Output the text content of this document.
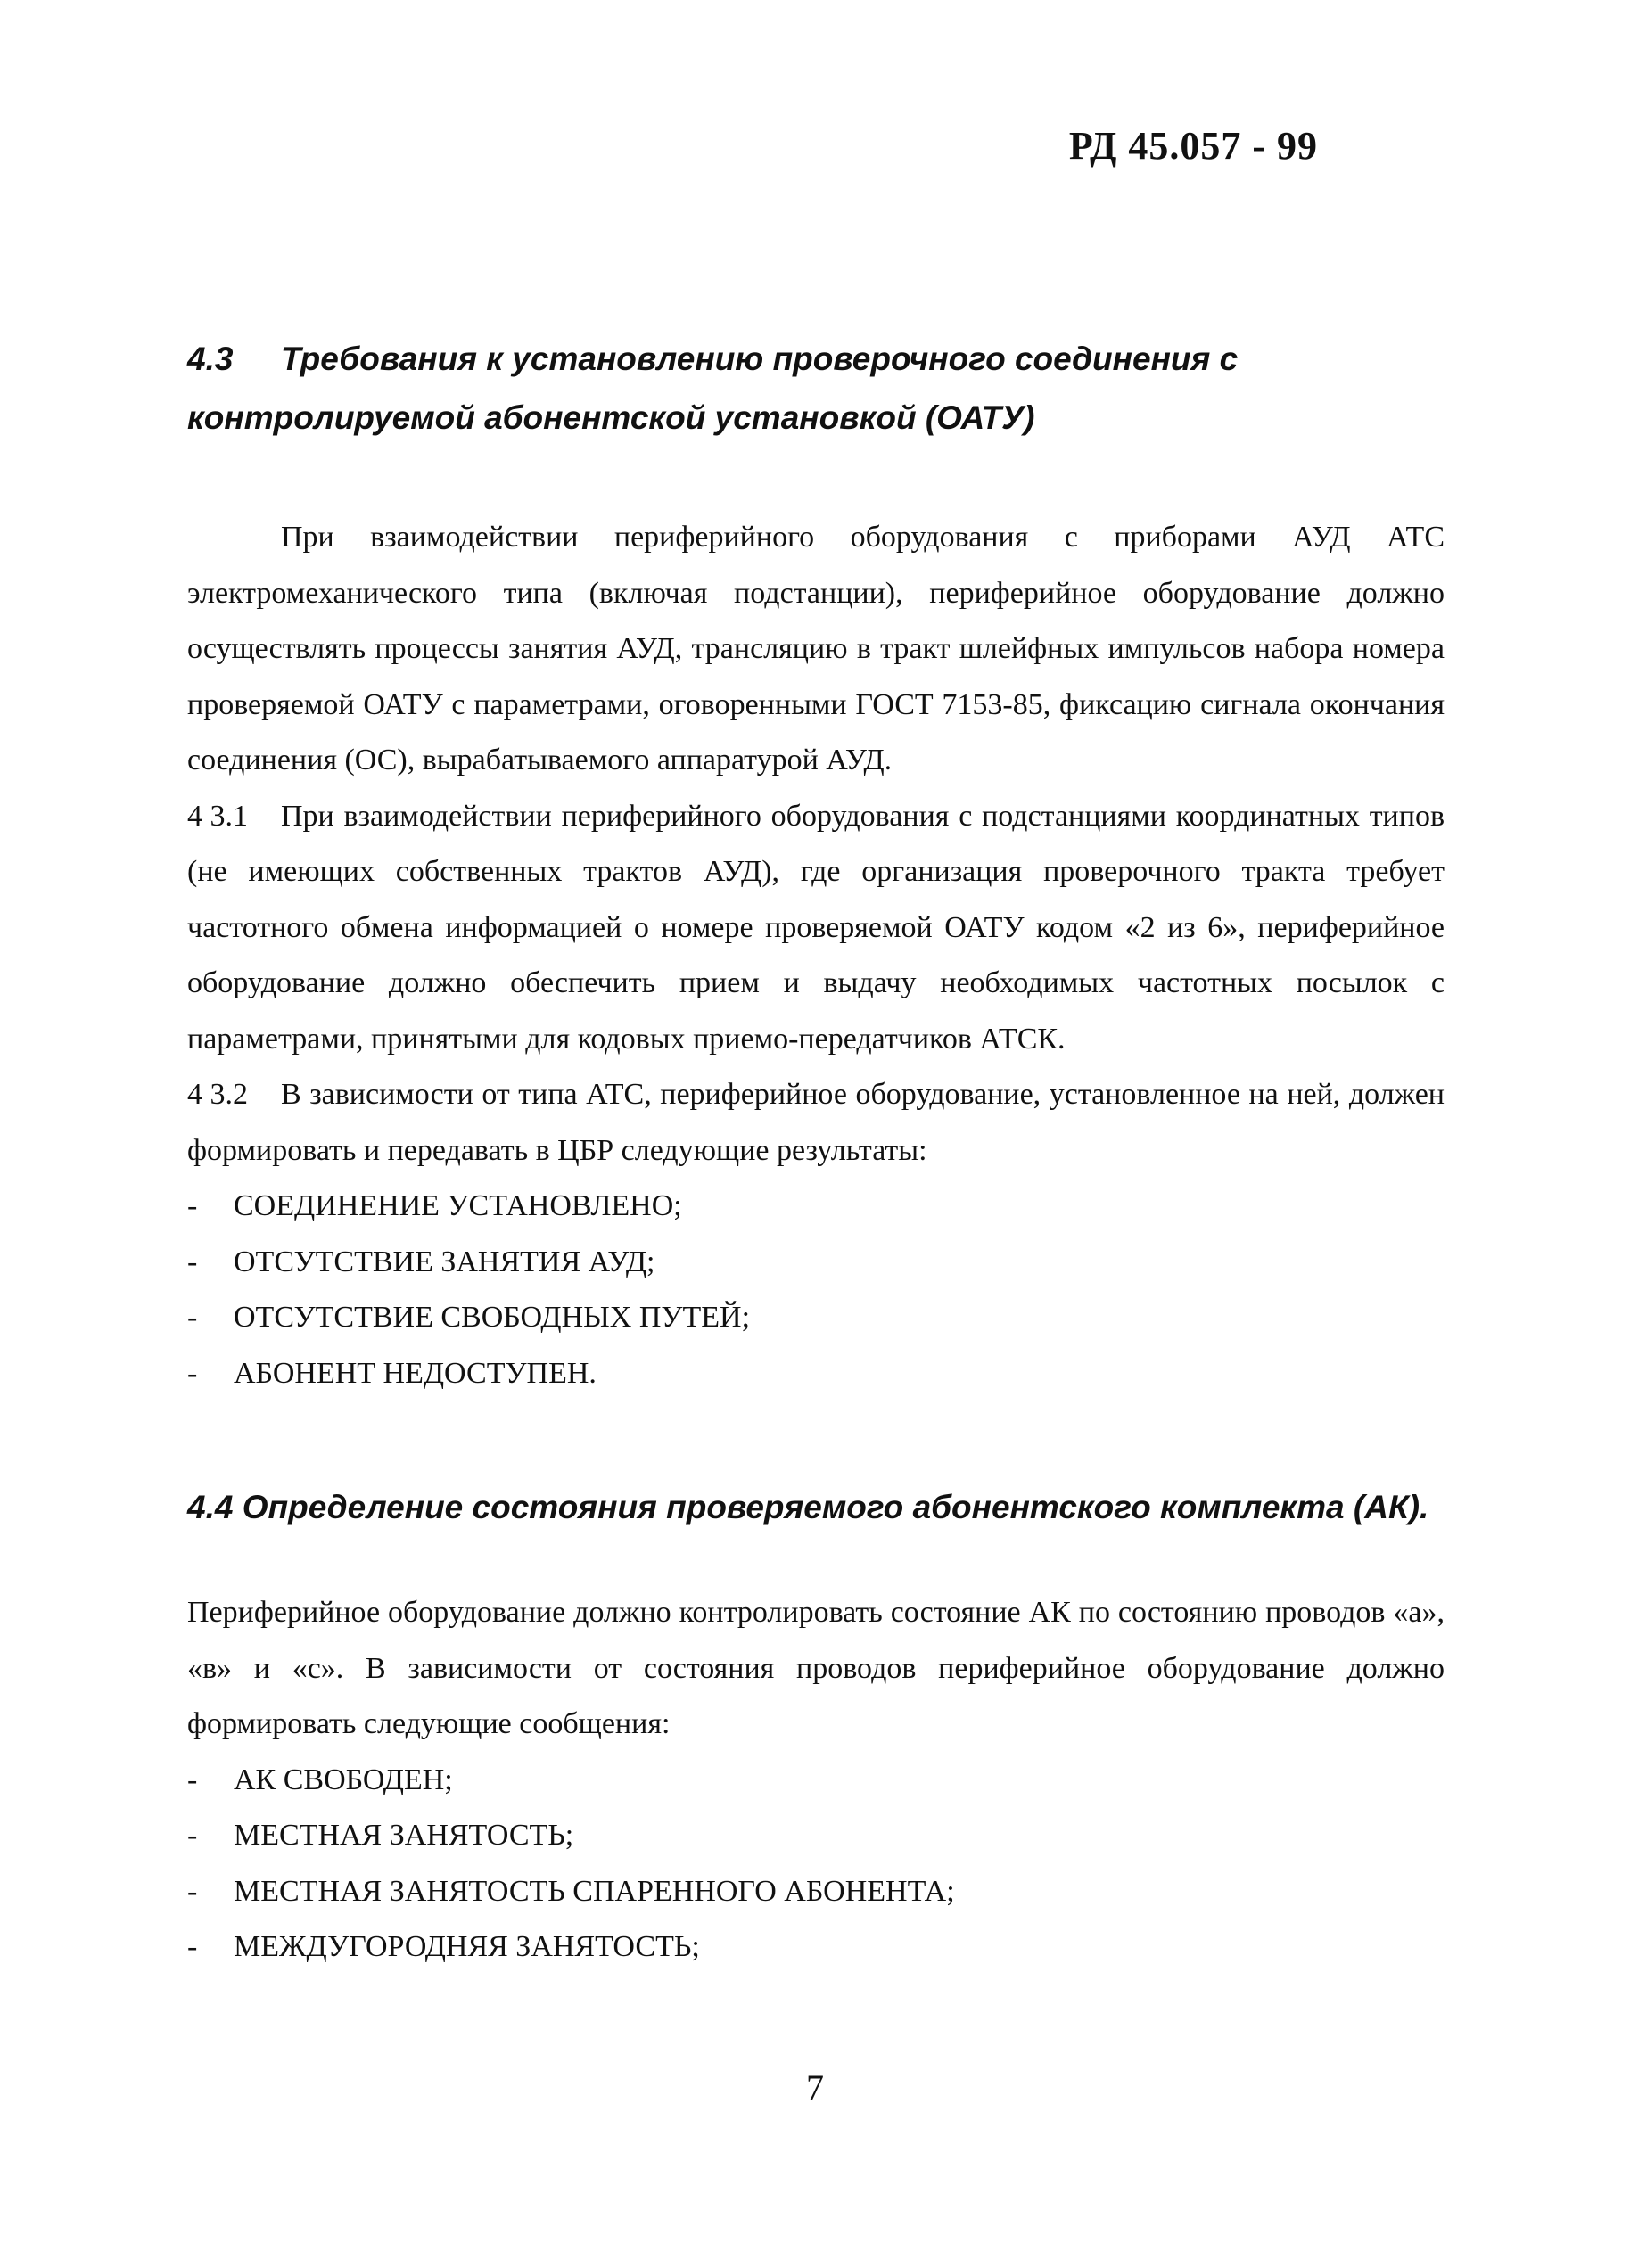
РД 45.057 - 99

4.3 Требования к установлению проверочного соединения с
контролируемой абонентской установкой (ОАТУ)

При взаимодействии периферийного оборудования с приборами АУД АТС электромеханического типа (включая подстанции), периферийное оборудование должно осуществлять процессы занятия АУД, трансляцию в тракт шлейфных импульсов набора номера проверяемой ОАТУ с параметрами, оговоренными ГОСТ 7153-85, фиксацию сигнала окончания соединения (ОС), вырабатываемого аппаратурой АУД.

4 3.1 При взаимодействии периферийного оборудования с подстанциями координатных типов (не имеющих собственных трактов АУД), где организация проверочного тракта требует частотного обмена информацией о номере проверяемой ОАТУ кодом «2 из 6», периферийное оборудование должно обеспечить прием и выдачу необходимых частотных посылок с параметрами, принятыми для кодовых приемо-передатчиков АТСК.

4 3.2 В зависимости от типа АТС, периферийное оборудование, установленное на ней, должен формировать и передавать в ЦБР следующие результаты:

- СОЕДИНЕНИЕ УСТАНОВЛЕНО;
- ОТСУТСТВИЕ ЗАНЯТИЯ АУД;
- ОТСУТСТВИЕ СВОБОДНЫХ ПУТЕЙ;
- АБОНЕНТ НЕДОСТУПЕН.
4.4 Определение состояния проверяемого абонентского комплекта (АК).

Периферийное оборудование должно контролировать состояние АК по состоянию проводов «а», «в» и «с». В зависимости от состояния проводов периферийное оборудование должно формировать следующие сообщения:

- АК СВОБОДЕН;
- МЕСТНАЯ ЗАНЯТОСТЬ;
- МЕСТНАЯ ЗАНЯТОСТЬ СПАРЕННОГО АБОНЕНТА;
- МЕЖДУГОРОДНЯЯ ЗАНЯТОСТЬ;

7
